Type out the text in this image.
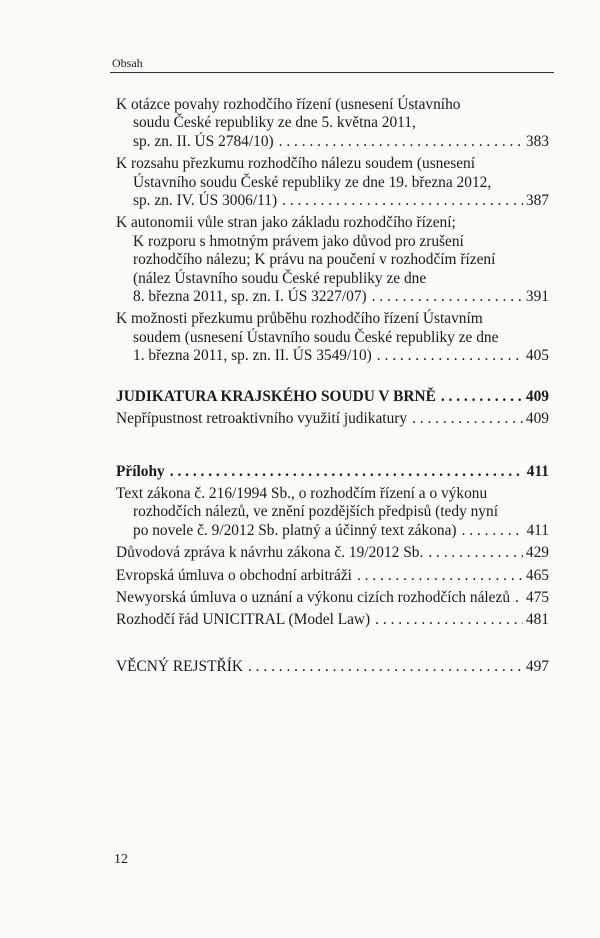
Obsah
K otázce povahy rozhodčího řízení (usnesení Ústavního
soudu České republiky ze dne 5. května 2011,
sp. zn. II. ÚS 2784/10) . . .	383
K rozsahu přezkumu rozhodčího nálezu soudem (usnesení
Ústavního soudu České republiky ze dne 19. března 2012,
sp. zn. IV. ÚS 3006/11) . . .	387
K autonomii vůle stran jako základu rozhodčího řízení;
K rozporu s hmotným právem jako důvod pro zrušení
rozhodčího nálezu; K právu na poučení v rozhodčím řízení
(nález Ústavního soudu České republiky ze dne
8. března 2011, sp. zn. I. ÚS 3227/07) . . .	391
K možnosti přezkumu průběhu rozhodčího řízení Ústavním
soudem (usnesení Ústavního soudu České republiky ze dne
1. března 2011, sp. zn. II. ÚS 3549/10) . . .	405
JUDIKATURA KRAJSKÉHO SOUDU V BRNĚ . . .	409
Nepřípustnost retroaktivního využití judikatury . . .	409
Přílohy . . .	411
Text zákona č. 216/1994 Sb., o rozhodčím řízení a o výkonu
rozhodčích nálezů, ve znění pozdějších předpisů (tedy nyní
po novele č. 9/2012 Sb. platný a účinný text zákona) . . .	411
Důvodová zpráva k návrhu zákona č. 19/2012 Sb. . . .	429
Evropská úmluva o obchodní arbitráži . . .	465
Newyorská úmluva o uznání a výkonu cizích rozhodčích nálezů . . . 475
Rozhodčí řád UNICITRAL (Model Law) . . .	481
VĚCNÝ REJSTŘÍK . . .	497
12
